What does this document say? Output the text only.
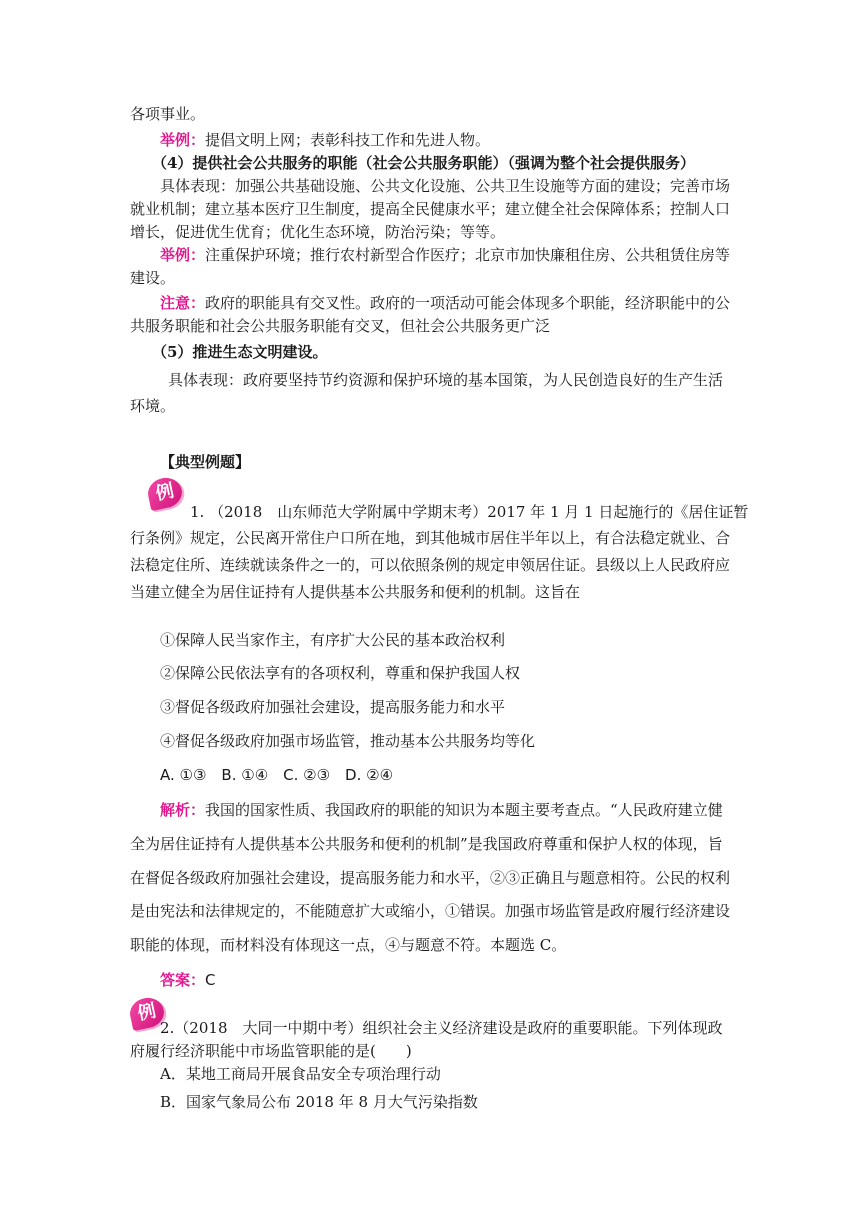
各项事业。
举例：提倡文明上网；表彰科技工作和先进人物。
（4）提供社会公共服务的职能（社会公共服务职能）（强调为整个社会提供服务）
具体表现：加强公共基础设施、公共文化设施、公共卫生设施等方面的建设；完善市场
就业机制；建立基本医疗卫生制度，提高全民健康水平；建立健全社会保障体系；控制人口
增长，促进优生优育；优化生态环境，防治污染；等等。
举例：注重保护环境；推行农村新型合作医疗；北京市加快廉租住房、公共租赁住房等
建设。
注意：政府的职能具有交叉性。政府的一项活动可能会体现多个职能，经济职能中的公
共服务职能和社会公共服务职能有交叉，但社会公共服务更广泛
（5）推进生态文明建设。
具体表现：政府要坚持节约资源和保护环境的基本国策，为人民创造良好的生产生活
环境。
【典型例题】
例
1. （2018　山东师范大学附属中学期末考）2017 年 1 月 1 日起施行的《居住证暂
行条例》规定，公民离开常住户口所在地，到其他城市居住半年以上，有合法稳定就业、合
法稳定住所、连续就读条件之一的，可以依照条例的规定申领居住证。县级以上人民政府应
当建立健全为居住证持有人提供基本公共服务和便利的机制。这旨在
①保障人民当家作主，有序扩大公民的基本政治权利
②保障公民依法享有的各项权利，尊重和保护我国人权
③督促各级政府加强社会建设，提高服务能力和水平
④督促各级政府加强市场监管，推动基本公共服务均等化
A. ①③　B. ①④　C. ②③　D. ②④
解析：我国的国家性质、我国政府的职能的知识为本题主要考查点。“人民政府建立健
全为居住证持有人提供基本公共服务和便利的机制”是我国政府尊重和保护人权的体现，旨
在督促各级政府加强社会建设，提高服务能力和水平，②③正确且与题意相符。公民的权利
是由宪法和法律规定的，不能随意扩大或缩小，①错误。加强市场监管是政府履行经济建设
职能的体现，而材料没有体现这一点，④与题意不符。本题选 C。
答案：C
例
2.（2018　大同一中期中考）组织社会主义经济建设是政府的重要职能。下列体现政
府履行经济职能中市场监管职能的是(　　)
A．某地工商局开展食品安全专项治理行动
B．国家气象局公布 2018 年 8 月大气污染指数
